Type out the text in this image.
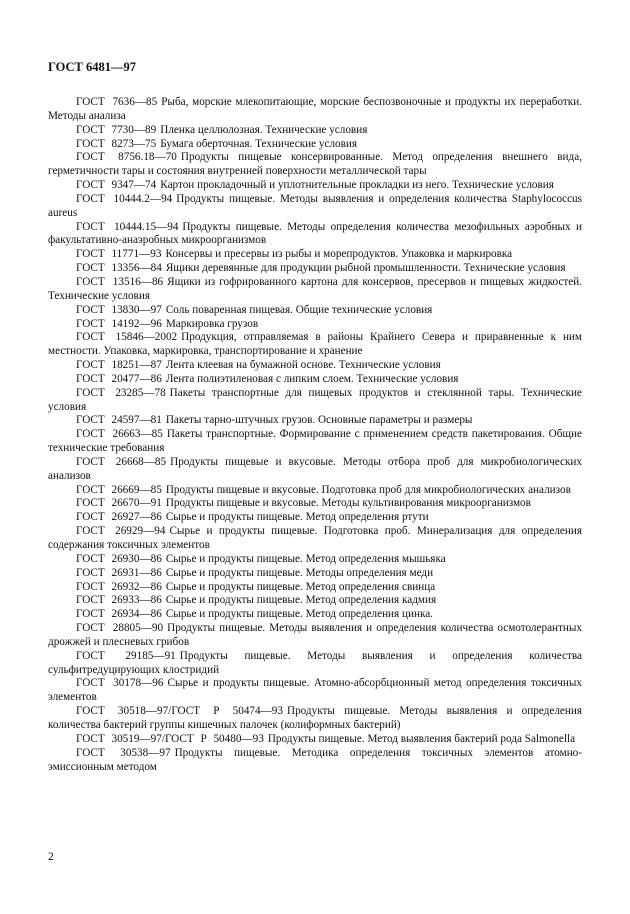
ГОСТ 6481—97

ГОСТ 7636—85 Рыба, морские млекопитающие, морские беспозвоночные и продукты их переработки. Методы анализа

ГОСТ 7730—89 Пленка целлюлозная. Технические условия

ГОСТ 8273—75 Бумага оберточная. Технические условия

ГОСТ 8756.18—70 Продукты пищевые консервированные. Метод определения внешнего вида, герметичности тары и состояния внутренней поверхности металлической тары

ГОСТ 9347—74 Картон прокладочный и уплотнительные прокладки из него. Технические условия

ГОСТ 10444.2—94 Продукты пищевые. Методы выявления и определения количества Staphylococcus aureus

ГОСТ 10444.15—94 Продукты пищевые. Методы определения количества мезофильных аэробных и факультативно-анаэробных микроорганизмов

ГОСТ 11771—93 Консервы и пресервы из рыбы и морепродуктов. Упаковка и маркировка

ГОСТ 13356—84 Ящики деревянные для продукции рыбной промышленности. Технические условия

ГОСТ 13516—86 Ящики из гофрированного картона для консервов, пресервов и пищевых жидкостей. Технические условия

ГОСТ 13830—97 Соль поваренная пищевая. Общие технические условия

ГОСТ 14192—96 Маркировка грузов

ГОСТ 15846—2002 Продукция, отправляемая в районы Крайнего Севера и приравненные к ним местности. Упаковка, маркировка, транспортирование и хранение

ГОСТ 18251—87 Лента клеевая на бумажной основе. Технические условия

ГОСТ 20477—86 Лента полиэтиленовая с липким слоем. Технические условия

ГОСТ 23285—78 Пакеты транспортные для пищевых продуктов и стеклянной тары. Технические условия

ГОСТ 24597—81 Пакеты тарно-штучных грузов. Основные параметры и размеры

ГОСТ 26663—85 Пакеты транспортные. Формирование с применением средств пакетирования. Общие технические требования

ГОСТ 26668—85 Продукты пищевые и вкусовые. Методы отбора проб для микробиологических анализов

ГОСТ 26669—85 Продукты пищевые и вкусовые. Подготовка проб для микробиологических анализов

ГОСТ 26670—91 Продукты пищевые и вкусовые. Методы культивирования микроорганизмов

ГОСТ 26927—86 Сырье и продукты пищевые. Метод определения ртути

ГОСТ 26929—94 Сырье и продукты пищевые. Подготовка проб. Минерализация для определения содержания токсичных элементов

ГОСТ 26930—86 Сырье и продукты пищевые. Метод определения мышьяка

ГОСТ 26931—86 Сырье и продукты пищевые. Методы определения меди

ГОСТ 26932—86 Сырье и продукты пищевые. Метод определения свинца

ГОСТ 26933—86 Сырье и продукты пищевые. Метод определения кадмия

ГОСТ 26934—86 Сырье и продукты пищевые. Метод определения цинка.

ГОСТ 28805—90 Продукты пищевые. Методы выявления и определения количества осмотолерантных дрожжей и плесневых грибов

ГОСТ 29185—91 Продукты пищевые. Методы выявления и определения количества сульфитредуцирующих клостридий

ГОСТ 30178—96 Сырье и продукты пищевые. Атомно-абсорбционный метод определения токсичных элементов

ГОСТ 30518—97/ГОСТ Р 50474—93 Продукты пищевые. Методы выявления и определения количества бактерий группы кишечных палочек (колиформных бактерий)

ГОСТ 30519—97/ГОСТ Р 50480—93 Продукты пищевые. Метод выявления бактерий рода Salmonella

ГОСТ 30538—97 Продукты пищевые. Методика определения токсичных элементов атомно-эмиссионным методом

2
